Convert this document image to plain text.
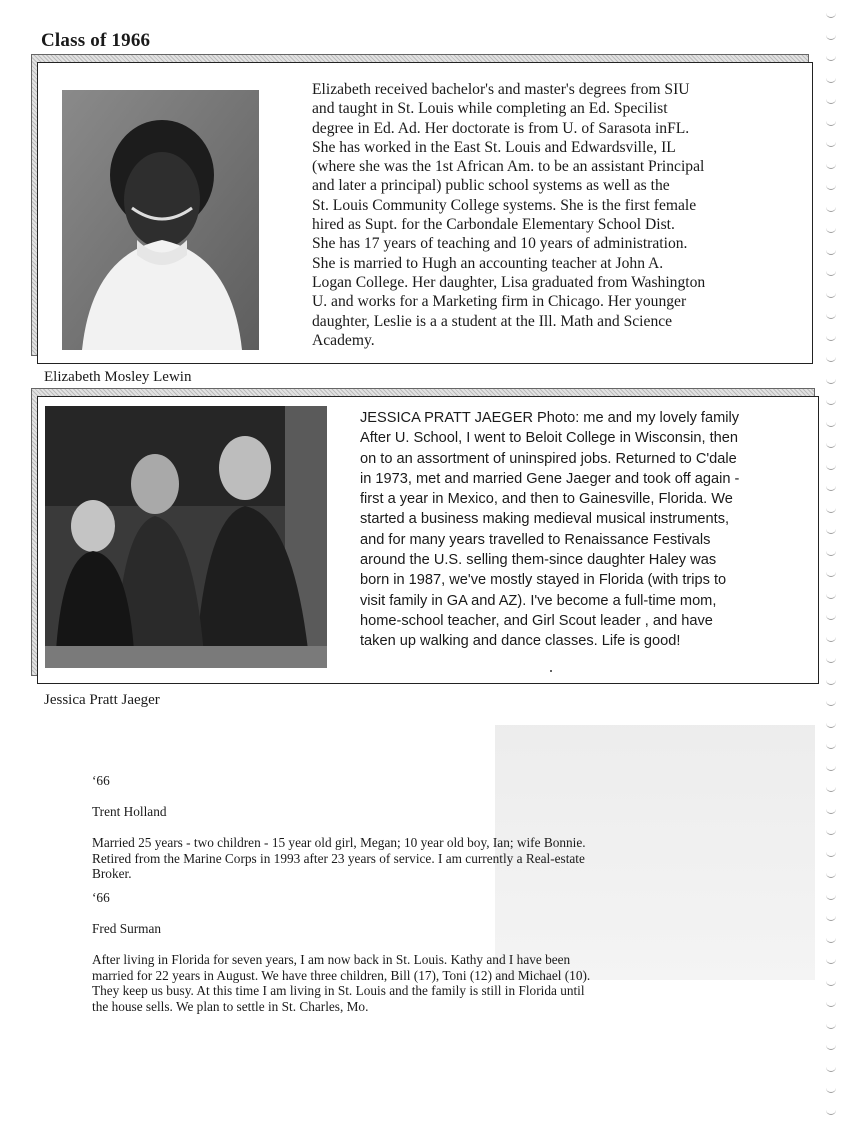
Class of 1966
Elizabeth received bachelor's and master's degrees from SIU
and taught in St. Louis while completing an Ed. Specilist
degree in Ed. Ad. Her doctorate is from U. of Sarasota inFL.
She has worked in the East St. Louis and Edwardsville, IL
(where she was the 1st African Am. to be an assistant Principal
and later a principal) public school systems as well as the
St. Louis Community College systems. She is the first female
hired as Supt. for the Carbondale Elementary School Dist.
She has 17 years of teaching and 10 years of administration.
She is married to Hugh an accounting teacher at John A.
Logan College. Her daughter, Lisa graduated from Washington
U. and works for a Marketing firm in Chicago. Her younger
daughter, Leslie is a a student at the Ill. Math and Science
Academy.
Elizabeth Mosley Lewin
JESSICA PRATT JAEGER Photo: me and my lovely family
After U. School, I went to Beloit College in Wisconsin, then
on to an assortment of uninspired jobs. Returned to C'dale
in 1973, met and married Gene Jaeger and took off again -
first a year in Mexico, and then to Gainesville, Florida. We
started a business making medieval musical instruments,
and for many years travelled to Renaissance Festivals
around the U.S. selling them-since daughter Haley was
born in 1987, we've mostly stayed in Florida (with trips to
visit family in GA and AZ). I've become a full-time mom,
home-school teacher, and Girl Scout leader , and have
taken up walking and dance classes. Life is good!
Jessica Pratt Jaeger

‘66

Trent Holland

Married 25 years - two children - 15 year old girl, Megan; 10 year old boy, Ian; wife Bonnie.
Retired from the Marine Corps in 1993 after 23 years of service. I am currently a Real-estate
Broker.

‘66

Fred Surman

After living in Florida for seven years, I am now back in St. Louis. Kathy and I have been
married for 22 years in August. We have three children, Bill (17), Toni (12) and Michael (10).
They keep us busy. At this time I am living in St. Louis and the family is still in Florida until
the house sells. We plan to settle in St. Charles, Mo.
